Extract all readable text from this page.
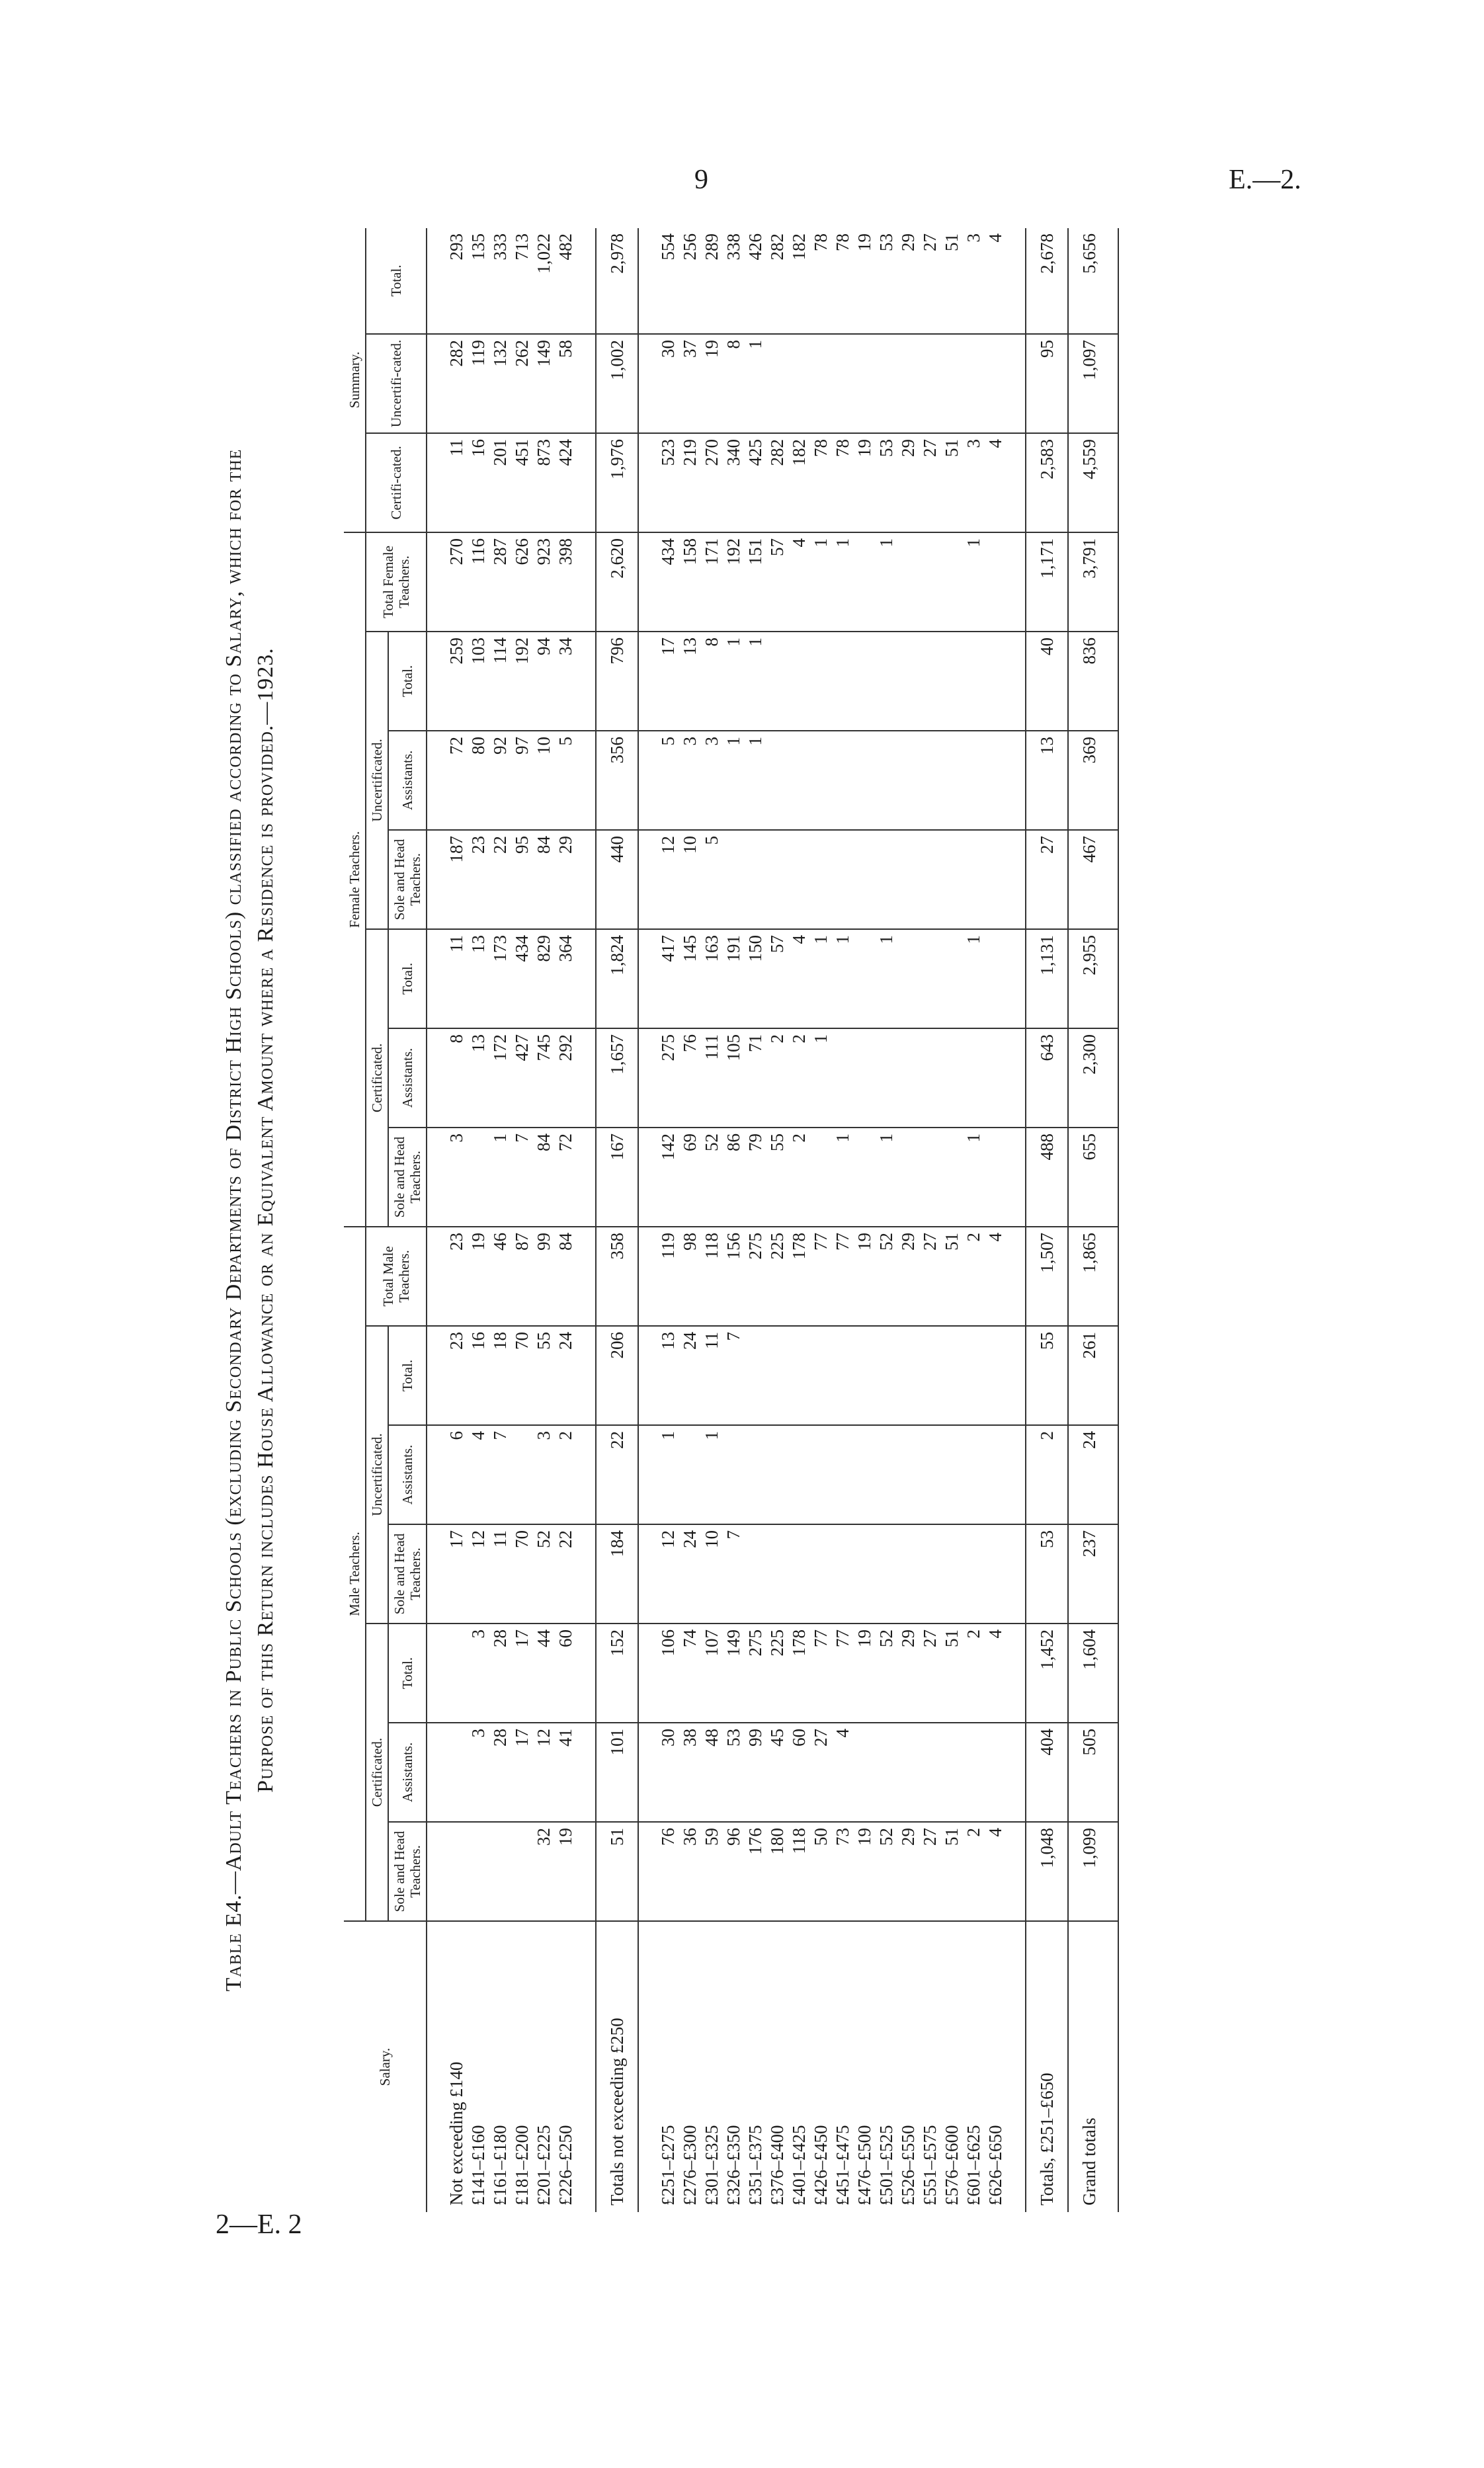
9	E.—2.
2—E. 2
Table E4.—Adult Teachers in Public Schools (excluding Secondary Departments of District High Schools) classified according to Salary, which for the Purpose of this Return includes House Allowance or an Equivalent Amount where a Residence is provided.—1923.
Salary.	Male Teachers.							Female Teachers.							Summary.		
	Certificated.			Uncertificated.			Total Male Teachers.	Certificated.			Uncertificated.			Total Female Teachers.	Certifi-cated.	Uncertifi-cated.	Total.
	Sole and Head Teachers.	Assistants.	Total.	Sole and Head Teachers.	Assistants.	Total.		Sole and Head Teachers.	Assistants.	Total.	Sole and Head Teachers.	Assistants.	Total.				

Not exceeding £140				17	6	23	23	3	8	11	187	72	259	270	11	282	293
£141–£160		3	3	12	4	16	19		13	13	23	80	103	116	16	119	135
£161–£180		28	28	11	7	18	46	1	172	173	22	92	114	287	201	132	333
£181–£200		17	17	70		70	87	7	427	434	95	97	192	626	451	262	713
£201–£225	32	12	44	52	3	55	99	84	745	829	84	10	94	923	873	149	1,022
£226–£250	19	41	60	22	2	24	84	72	292	364	29	5	34	398	424	58	482

Totals not exceeding £250	51	101	152	184	22	206	358	167	1,657	1,824	440	356	796	2,620	1,976	1,002	2,978

£251–£275	76	30	106	12	1	13	119	142	275	417	12	5	17	434	523	30	554
£276–£300	36	38	74	24		24	98	69	76	145	10	3	13	158	219	37	256
£301–£325	59	48	107	10	1	11	118	52	111	163	5	3	8	171	270	19	289
£326–£350	96	53	149	7		7	156	86	105	191		1	1	192	340	8	338
£351–£375	176	99	275				275	79	71	150		1	1	151	425	1	426
£376–£400	180	45	225				225	55	2	57				57	282		282
£401–£425	118	60	178				178	2	2	4				4	182		182
£426–£450	50	27	77				77		1	1				1	78		78
£451–£475	73	4	77				77	1		1				1	78		78
£476–£500	19		19				19								19		19
£501–£525	52		52				52	1		1				1	53		53
£526–£550	29		29				29								29		29
£551–£575	27		27				27								27		27
£576–£600	51		51				51								51		51
£601–£625	2		2				2	1		1				1	3		3
£626–£650	4		4				4								4		4

Totals, £251–£650	1,048	404	1,452	53	2	55	1,507	488	643	1,131	27	13	40	1,171	2,583	95	2,678
Grand totals	1,099	505	1,604	237	24	261	1,865	655	2,300	2,955	467	369	836	3,791	4,559	1,097	5,656
